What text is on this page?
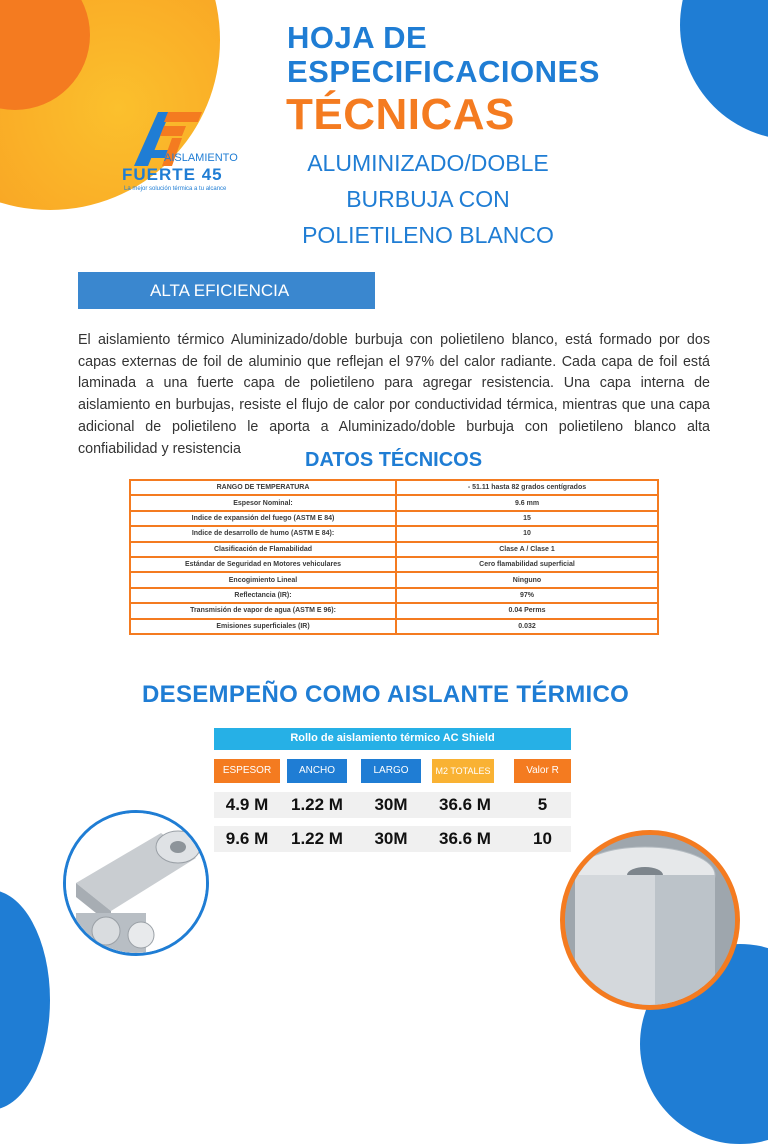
AISLAMIENTO
FUERTE 45
La mejor solución térmica a tu alcance
HOJA DE
ESPECIFICACIONES
TÉCNICAS
ALUMINIZADO/DOBLE
BURBUJA CON
POLIETILENO BLANCO
ALTA EFICIENCIA
El aislamiento térmico Aluminizado/doble burbuja con polietileno blanco, está formado por dos capas externas de foil de aluminio que reflejan el 97% del calor radiante. Cada capa de foil está laminada a una fuerte capa de polietileno para agregar resistencia. Una capa interna de aislamiento en burbujas, resiste el flujo de calor por conductividad térmica, mientras que una capa adicional de polietileno le aporta a Aluminizado/doble burbuja con polietileno blanco alta confiabilidad y resistencia
DATOS TÉCNICOS
RANGO DE TEMPERATURA	- 51.11 hasta 82 grados centígrados
Espesor Nominal:	9.6 mm
Indice de expansión del fuego (ASTM E 84)	15
Indice de desarrollo de humo (ASTM E 84):	10
Clasificación de Flamabilidad	Clase A / Clase 1
Estándar de Seguridad en Motores vehiculares	Cero flamabilidad superficial
Encogimiento Lineal	Ninguno
Reflectancia (IR):	97%
Transmisión de vapor de agua (ASTM E 96):	0.04 Perms
Emisiones superficiales (IR)	0.032
DESEMPEÑO COMO AISLANTE TÉRMICO
Rollo de aislamiento térmico AC Shield
ESPESOR	ANCHO	LARGO	M2 TOTALES	Valor R
4.9 M	1.22 M	30M	36.6 M	5
9.6 M	1.22 M	30M	36.6 M	10
